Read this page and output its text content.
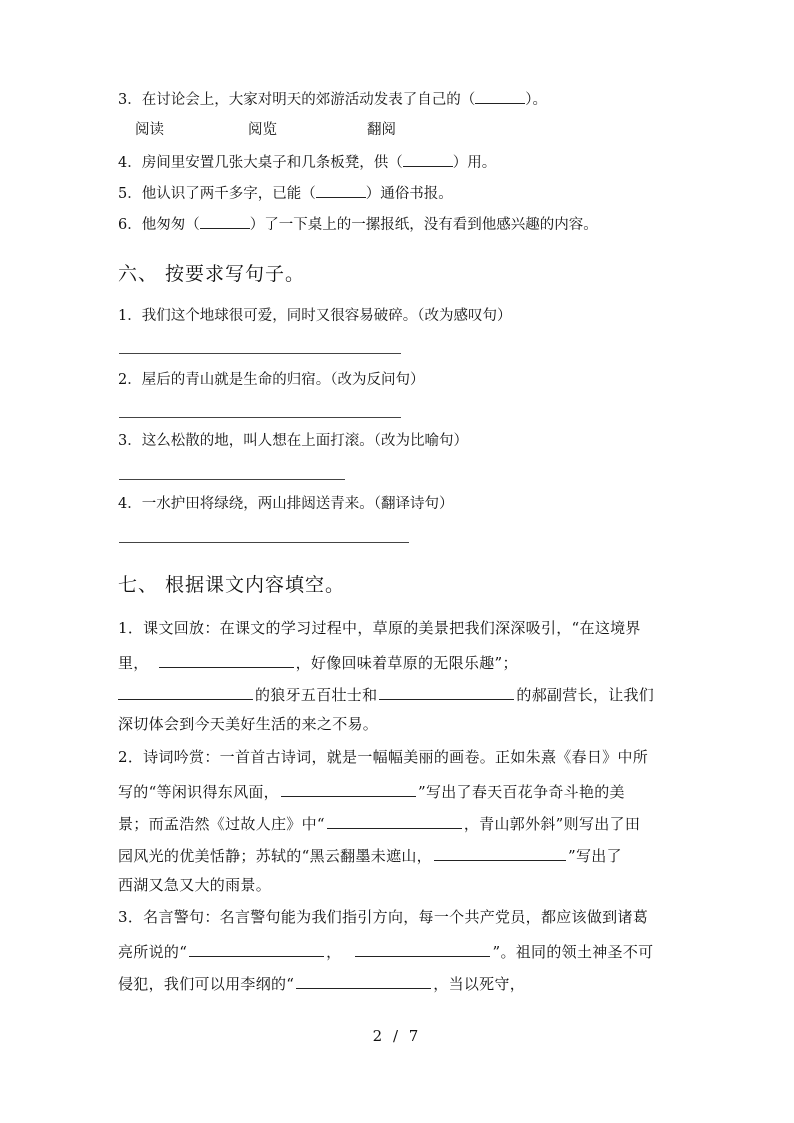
3．在讨论会上，大家对明天的郊游活动发表了自己的（	）。
阅读	阅览	翻阅
4．房间里安置几张大桌子和几条板凳，供（	）用。
5．他认识了两千多字，已能（	）通俗书报。
6．他匆匆（	）了一下桌上的一摞报纸，没有看到他感兴趣的内容。
六、 按要求写句子。
1．我们这个地球很可爱，同时又很容易破碎。（改为感叹句）
2．屋后的青山就是生命的归宿。（改为反问句）
3．这么松散的地，叫人想在上面打滚。（改为比喻句）
4．一水护田将绿绕，两山排闼送青来。（翻译诗句）
七、 根据课文内容填空。
1．课文回放：在课文的学习过程中，草原的美景把我们深深吸引，“在这境界
里，	，好像回味着草原的无限乐趣”；
的狼牙五百壮士和	的郝副营长，让我们
深切体会到今天美好生活的来之不易。
2．诗词吟赏：一首首古诗词，就是一幅幅美丽的画卷。正如朱熹《春日》中所
写的“等闲识得东风面，	”写出了春天百花争奇斗艳的美
景；而孟浩然《过故人庄》中“	，青山郭外斜”则写出了田
园风光的优美恬静；苏轼的“黑云翻墨未遮山，	”写出了
西湖又急又大的雨景。
3．名言警句：名言警句能为我们指引方向，每一个共产党员，都应该做到诸葛
亮所说的“	，	”。祖同的领土神圣不可
侵犯，我们可以用李纲的“	，当以死守，
2 / 7
